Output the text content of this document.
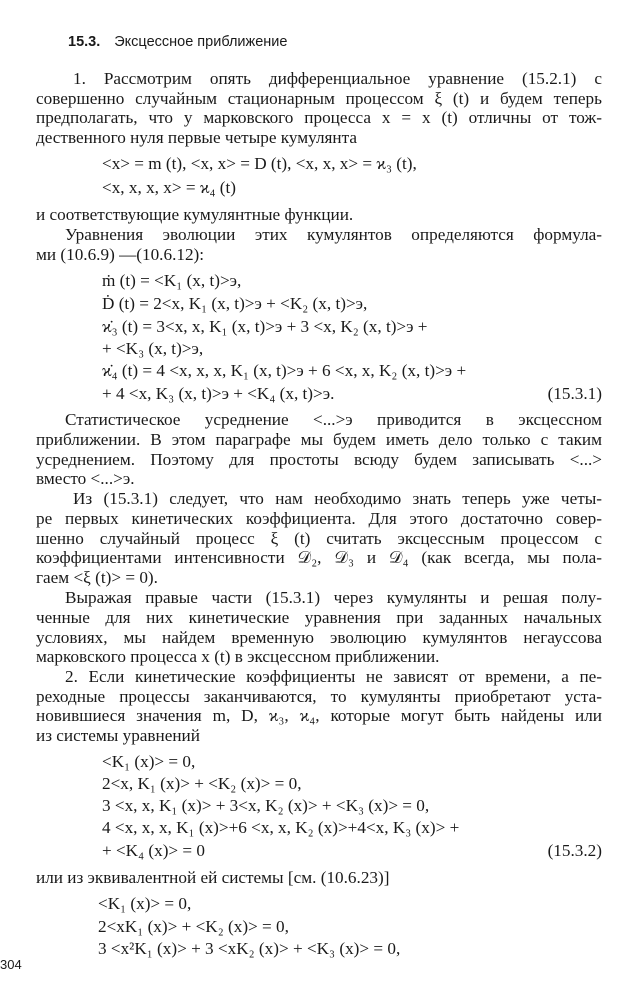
15.3. Эксцессное приближение
1. Рассмотрим опять дифференциальное уравнение (15.2.1) с
совершенно случайным стационарным процессом ξ (t) и будем теперь
предполагать, что у марковского процесса x = x (t) отличны от тож-
дественного нуля первые четыре кумулянта
<x> = m (t), <x, x> = D (t), <x, x, x> = ϰ₃ (t),
<x, x, x, x> = ϰ₄ (t)
и соответствующие кумулянтные функции.
Уравнения эволюции этих кумулянтов определяются формула-
ми (10.6.9) —(10.6.12):
ṁ (t) = <K₁ (x, t)>э,
Ḋ (t) = 2<x, K₁ (x, t)>э + <K₂ (x, t)>э,
ϰ̇₃ (t) = 3<x, x, K₁ (x, t)>э + 3 <x, K₂ (x, t)>э +
+ <K₃ (x, t)>э,
ϰ̇₄ (t) = 4 <x, x, x, K₁ (x, t)>э + 6 <x, x, K₂ (x, t)>э +
+ 4 <x, K₃ (x, t)>э + <K₄ (x, t)>э.	(15.3.1)
Статистическое усреднение <...>э приводится в эксцессном
приближении. В этом параграфе мы будем иметь дело только с таким
усреднением. Поэтому для простоты всюду будем записывать <...>
вместо <...>э.
Из (15.3.1) следует, что нам необходимо знать теперь уже четы-
ре первых кинетических коэффициента. Для этого достаточно совер-
шенно случайный процесс ξ (t) считать эксцессным процессом с
коэффициентами интенсивности 𝒟₂, 𝒟₃ и 𝒟₄ (как всегда, мы пола-
гаем <ξ (t)> = 0).
Выражая правые части (15.3.1) через кумулянты и решая полу-
ченные для них кинетические уравнения при заданных начальных
условиях, мы найдем временную эволюцию кумулянтов негауссова
марковского процесса x (t) в эксцессном приближении.
2. Если кинетические коэффициенты не зависят от времени, а пе-
реходные процессы заканчиваются, то кумулянты приобретают уста-
новившиеся значения m, D, ϰ₃, ϰ₄, которые могут быть найдены или
из системы уравнений
<K₁ (x)> = 0,
2<x, K₁ (x)> + <K₂ (x)> = 0,
3 <x, x, K₁ (x)> + 3<x, K₂ (x)> + <K₃ (x)> = 0,
4 <x, x, x, K₁ (x)>+6 <x, x, K₂ (x)>+4<x, K₃ (x)> +
+ <K₄ (x)> = 0	(15.3.2)
или из эквивалентной ей системы [см. (10.6.23)]
<K₁ (x)> = 0,
2<xK₁ (x)> + <K₂ (x)> = 0,
3 <x²K₁ (x)> + 3 <xK₂ (x)> + <K₃ (x)> = 0,
304
